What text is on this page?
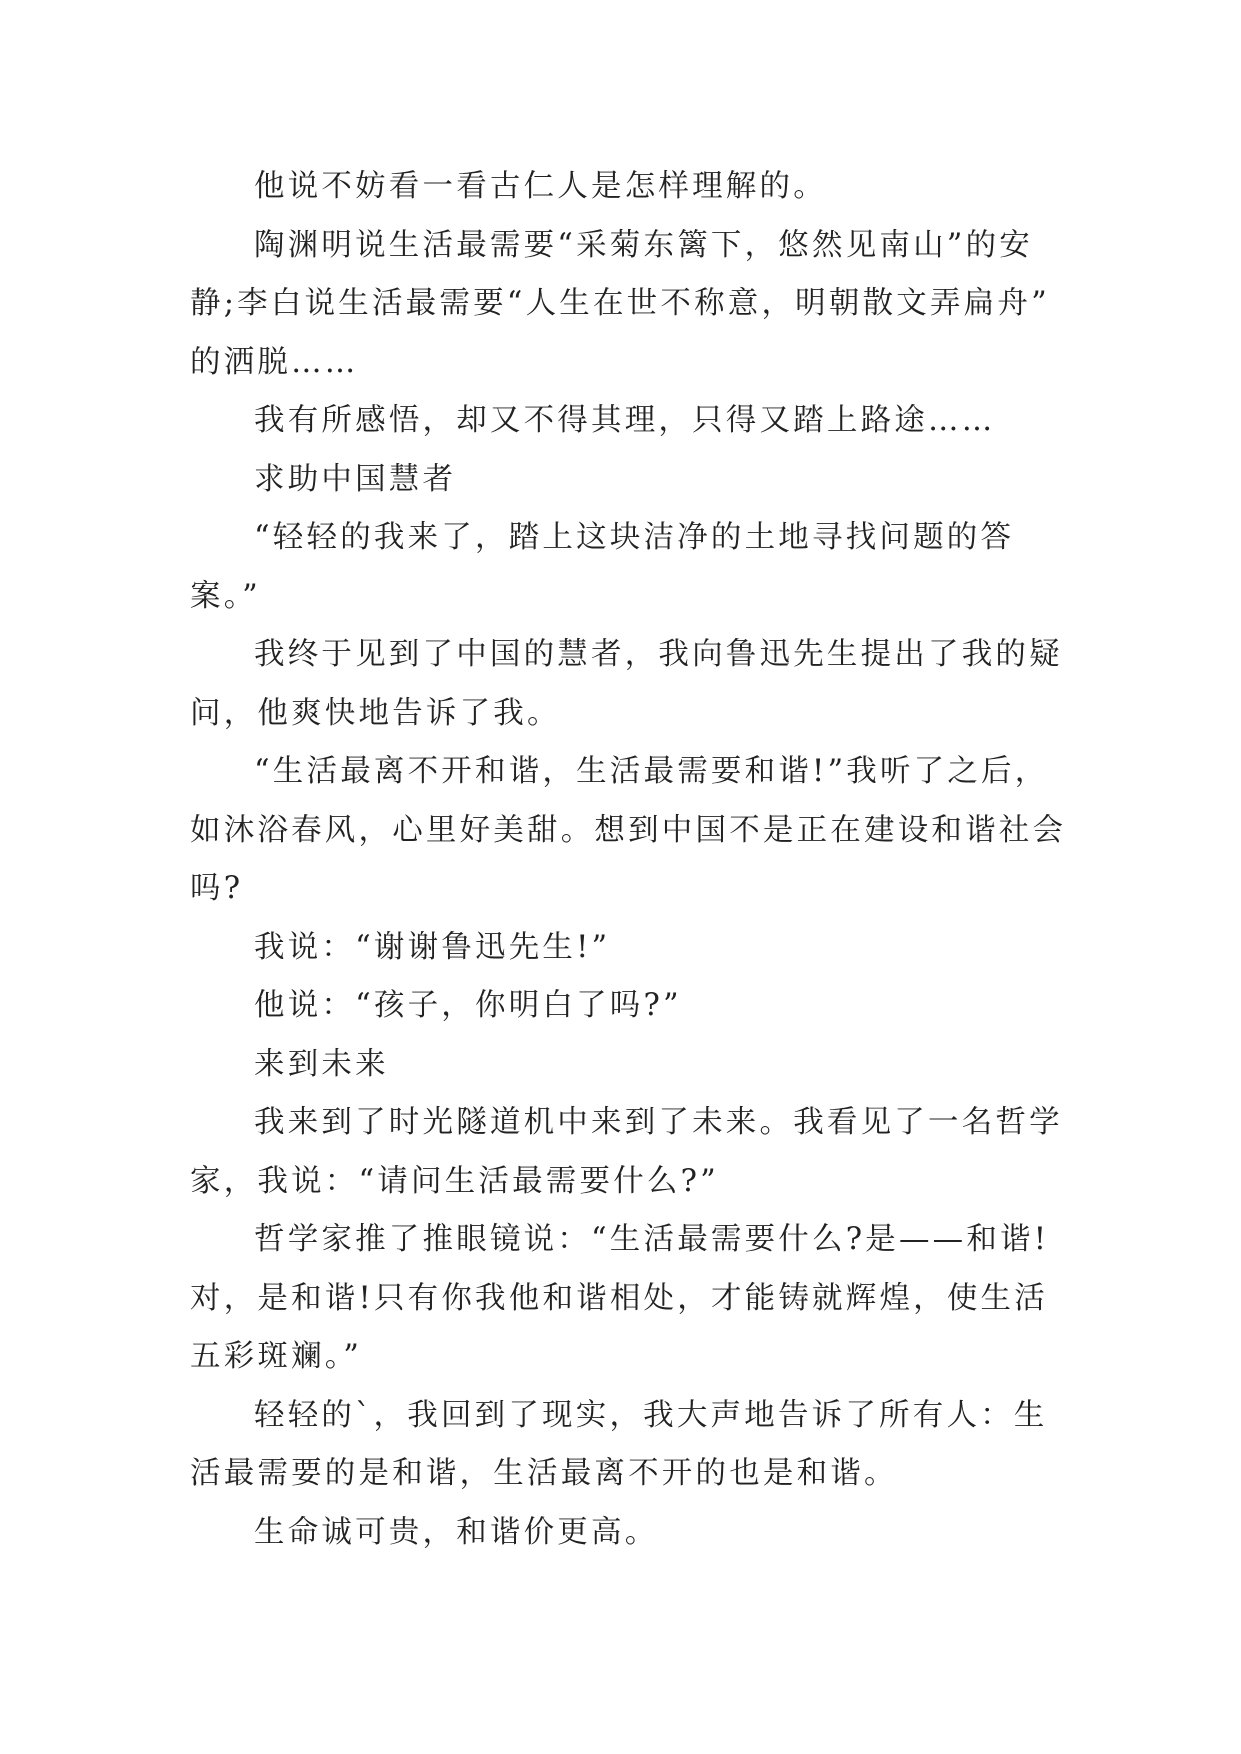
他说不妨看一看古仁人是怎样理解的。

陶渊明说生活最需要“采菊东篱下，悠然见南山”的安
静;李白说生活最需要“人生在世不称意，明朝散文弄扁舟”
的洒脱……

我有所感悟，却又不得其理，只得又踏上路途……

求助中国慧者

“轻轻的我来了，踏上这块洁净的土地寻找问题的答
案。”

我终于见到了中国的慧者，我向鲁迅先生提出了我的疑
问，他爽快地告诉了我。

“生活最离不开和谐，生活最需要和谐!”我听了之后，
如沐浴春风，心里好美甜。想到中国不是正在建设和谐社会
吗?

我说：“谢谢鲁迅先生!”

他说：“孩子，你明白了吗?”

来到未来

我来到了时光隧道机中来到了未来。我看见了一名哲学
家，我说：“请问生活最需要什么?”

哲学家推了推眼镜说：“生活最需要什么?是——和谐!
对，是和谐!只有你我他和谐相处，才能铸就辉煌，使生活
五彩斑斓。”

轻轻的`，我回到了现实，我大声地告诉了所有人：生
活最需要的是和谐，生活最离不开的也是和谐。

生命诚可贵，和谐价更高。
